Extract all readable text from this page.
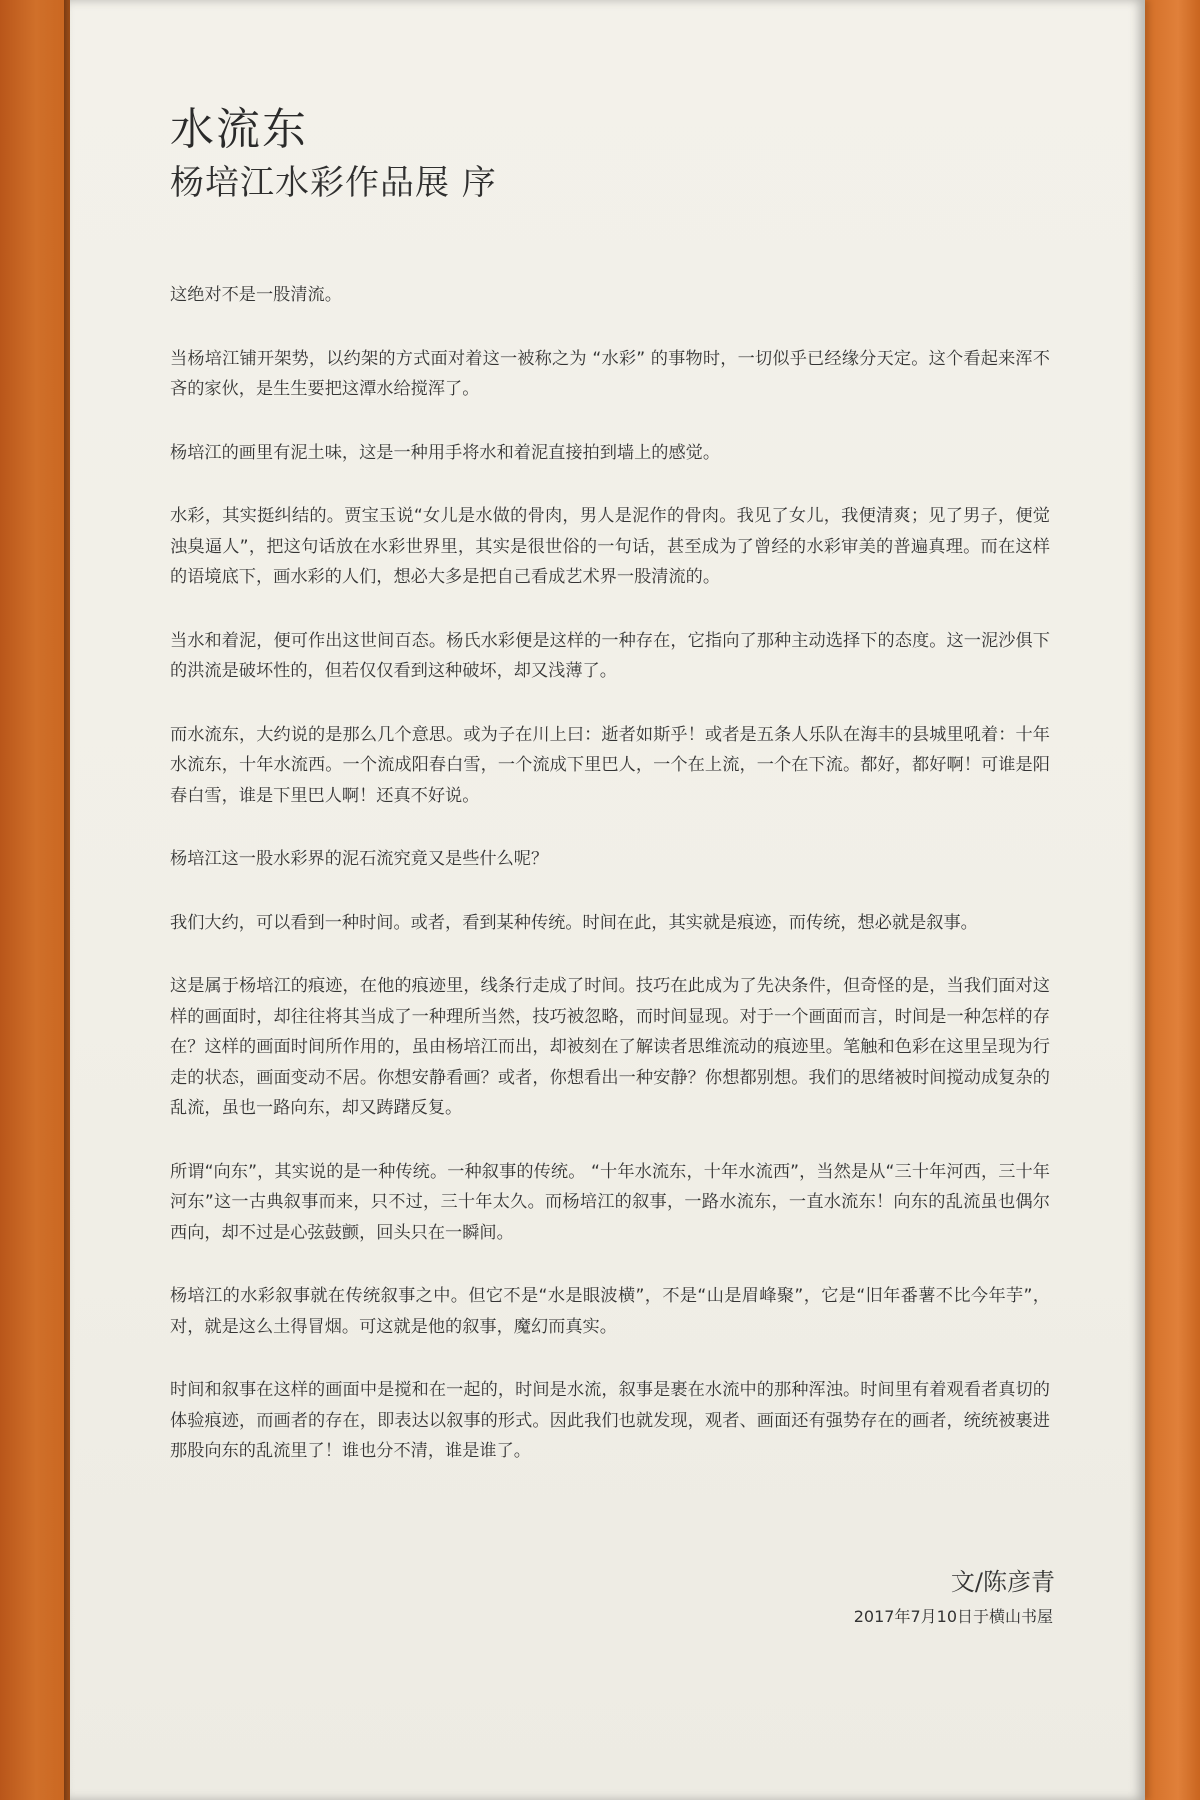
水流东
杨培江水彩作品展 序

这绝对不是一股清流。

当杨培江铺开架势，以约架的方式面对着这一被称之为 “水彩” 的事物时，一切似乎已经缘分天定。这个看起来浑不吝的家伙，是生生要把这潭水给搅浑了。

杨培江的画里有泥土味，这是一种用手将水和着泥直接拍到墙上的感觉。

水彩，其实挺纠结的。贾宝玉说“女儿是水做的骨肉，男人是泥作的骨肉。我见了女儿，我便清爽；见了男子，便觉浊臭逼人”，把这句话放在水彩世界里，其实是很世俗的一句话，甚至成为了曾经的水彩审美的普遍真理。而在这样的语境底下，画水彩的人们，想必大多是把自己看成艺术界一股清流的。

当水和着泥，便可作出这世间百态。杨氏水彩便是这样的一种存在，它指向了那种主动选择下的态度。这一泥沙俱下的洪流是破坏性的，但若仅仅看到这种破坏，却又浅薄了。

而水流东，大约说的是那么几个意思。或为子在川上曰：逝者如斯乎！或者是五条人乐队在海丰的县城里吼着：十年水流东，十年水流西。一个流成阳春白雪，一个流成下里巴人，一个在上流，一个在下流。都好，都好啊！可谁是阳春白雪，谁是下里巴人啊！还真不好说。

杨培江这一股水彩界的泥石流究竟又是些什么呢？

我们大约，可以看到一种时间。或者，看到某种传统。时间在此，其实就是痕迹，而传统，想必就是叙事。

这是属于杨培江的痕迹，在他的痕迹里，线条行走成了时间。技巧在此成为了先决条件，但奇怪的是，当我们面对这样的画面时，却往往将其当成了一种理所当然，技巧被忽略，而时间显现。对于一个画面而言，时间是一种怎样的存在？这样的画面时间所作用的，虽由杨培江而出，却被刻在了解读者思维流动的痕迹里。笔触和色彩在这里呈现为行走的状态，画面变动不居。你想安静看画？或者，你想看出一种安静？你想都别想。我们的思绪被时间搅动成复杂的乱流，虽也一路向东，却又踌躇反复。

所谓“向东”，其实说的是一种传统。一种叙事的传统。 “十年水流东，十年水流西”，当然是从“三十年河西，三十年河东”这一古典叙事而来，只不过，三十年太久。而杨培江的叙事，一路水流东，一直水流东！向东的乱流虽也偶尔西向，却不过是心弦鼓颤，回头只在一瞬间。

杨培江的水彩叙事就在传统叙事之中。但它不是“水是眼波横”，不是“山是眉峰聚”，它是“旧年番薯不比今年芋”，对，就是这么土得冒烟。可这就是他的叙事，魔幻而真实。

时间和叙事在这样的画面中是搅和在一起的，时间是水流，叙事是裹在水流中的那种浑浊。时间里有着观看者真切的体验痕迹，而画者的存在，即表达以叙事的形式。因此我们也就发现，观者、画面还有强势存在的画者，统统被裹进那股向东的乱流里了！谁也分不清，谁是谁了。

文/陈彦青
2017年7月10日于横山书屋
